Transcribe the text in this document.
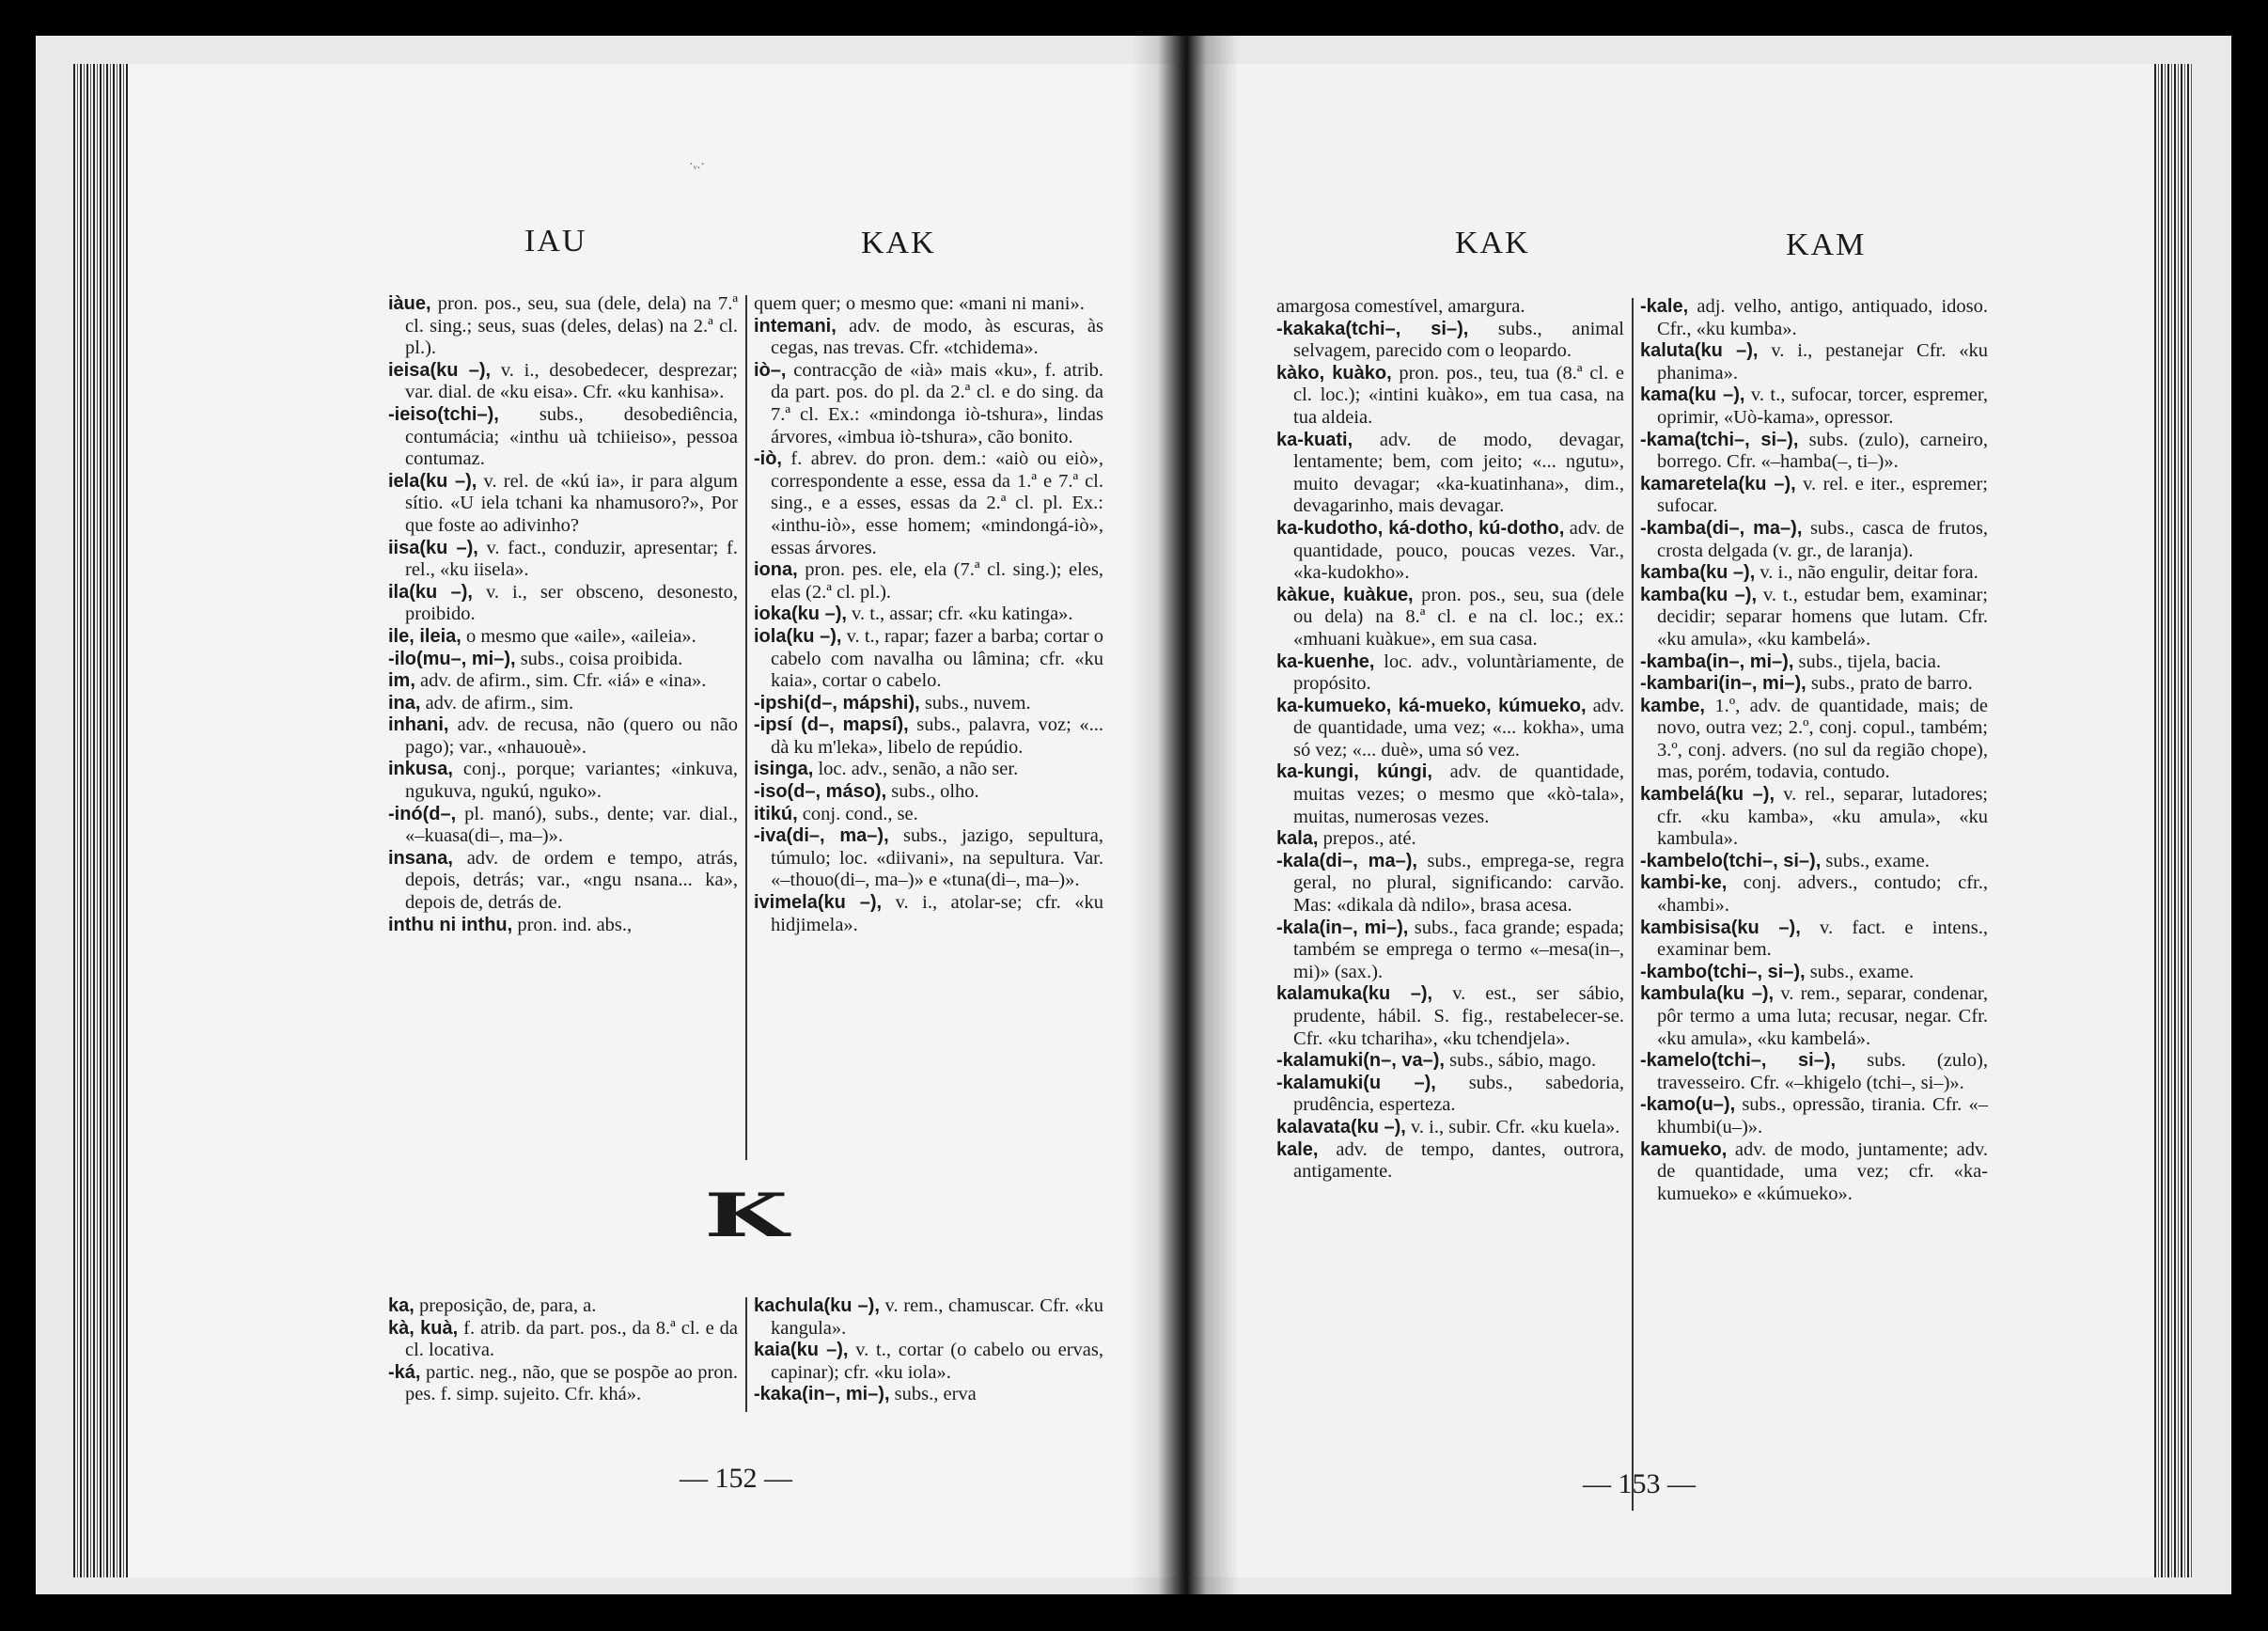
·ᵥ.·
IAU	KAK
iàue, pron. pos., seu, sua (dele, dela) na 7.ª cl. sing.; seus, suas (deles, delas) na 2.ª cl. pl.).
ieisa(ku –), v. i., desobedecer, desprezar; var. dial. de «ku eisa». Cfr. «ku kanhisa».
-ieiso(tchi–), subs., desobediência, contumácia; «inthu uà tchiieiso», pessoa contumaz.
iela(ku –), v. rel. de «kú ia», ir para algum sítio. «U iela tchani ka nhamusoro?», Por que foste ao adivinho?
iisa(ku –), v. fact., conduzir, apresentar; f. rel., «ku iisela».
ila(ku –), v. i., ser obsceno, desonesto, proibido.
ile, ileia, o mesmo que «aile», «aileia».
-ilo(mu–, mi–), subs., coisa proibida.
im, adv. de afirm., sim. Cfr. «iá» e «ina».
ina, adv. de afirm., sim.
inhani, adv. de recusa, não (quero ou não pago); var., «nhauouè».
inkusa, conj., porque; variantes; «inkuva, ngukuva, ngukú, nguko».
-inó(d–, pl. manó), subs., dente; var. dial., «–kuasa(di–, ma–)».
insana, adv. de ordem e tempo, atrás, depois, detrás; var., «ngu nsana... ka», depois de, detrás de.
inthu ni inthu, pron. ind. abs.,
quem quer; o mesmo que: «mani ni mani».
intemani, adv. de modo, às escuras, às cegas, nas trevas. Cfr. «tchidema».
iò–, contracção de «ià» mais «ku», f. atrib. da part. pos. do pl. da 2.ª cl. e do sing. da 7.ª cl. Ex.: «mindonga iò-tshura», lindas árvores, «imbua iò-tshura», cão bonito.
-iò, f. abrev. do pron. dem.: «aiò ou eiò», correspondente a esse, essa da 1.ª e 7.ª cl. sing., e a esses, essas da 2.ª cl. pl. Ex.: «inthu-iò», esse homem; «mindongá-iò», essas árvores.
iona, pron. pes. ele, ela (7.ª cl. sing.); eles, elas (2.ª cl. pl.).
ioka(ku –), v. t., assar; cfr. «ku katinga».
iola(ku –), v. t., rapar; fazer a barba; cortar o cabelo com navalha ou lâmina; cfr. «ku kaia», cortar o cabelo.
-ipshi(d–, mápshi), subs., nuvem.
-ipsí (d–, mapsí), subs., palavra, voz; «... dà ku m'leka», libelo de repúdio.
isinga, loc. adv., senão, a não ser.
-iso(d–, máso), subs., olho.
itikú, conj. cond., se.
-iva(di–, ma–), subs., jazigo, sepultura, túmulo; loc. «diivani», na sepultura. Var. «–thouo(di–, ma–)» e «tuna(di–, ma–)».
ivimela(ku –), v. i., atolar-se; cfr. «ku hidjimela».
K
ka, preposição, de, para, a.
kà, kuà, f. atrib. da part. pos., da 8.ª cl. e da cl. locativa.
-ká, partic. neg., não, que se pospõe ao pron. pes. f. simp. sujeito. Cfr. khá».
kachula(ku –), v. rem., chamuscar. Cfr. «ku kangula».
kaia(ku –), v. t., cortar (o cabelo ou ervas, capinar); cfr. «ku iola».
-kaka(in–, mi–), subs., erva
— 152 —
KAK	KAM
amargosa comestível, amargura.
-kakaka(tchi–, si–), subs., animal selvagem, parecido com o leopardo.
kàko, kuàko, pron. pos., teu, tua (8.ª cl. e cl. loc.); «intini kuàko», em tua casa, na tua aldeia.
ka-kuati, adv. de modo, devagar, lentamente; bem, com jeito; «... ngutu», muito devagar; «ka-kuatinhana», dim., devagarinho, mais devagar.
ka-kudotho, ká-dotho, kú-dotho, adv. de quantidade, pouco, poucas vezes. Var., «ka-kudokho».
kàkue, kuàkue, pron. pos., seu, sua (dele ou dela) na 8.ª cl. e na cl. loc.; ex.: «mhuani kuàkue», em sua casa.
ka-kuenhe, loc. adv., voluntàriamente, de propósito.
ka-kumueko, ká-mueko, kúmueko, adv. de quantidade, uma vez; «... kokha», uma só vez; «... duè», uma só vez.
ka-kungi, kúngi, adv. de quantidade, muitas vezes; o mesmo que «kò-tala», muitas, numerosas vezes.
kala, prepos., até.
-kala(di–, ma–), subs., emprega-se, regra geral, no plural, significando: carvão. Mas: «dikala dà ndilo», brasa acesa.
-kala(in–, mi–), subs., faca grande; espada; também se emprega o termo «–mesa(in–, mi)» (sax.).
kalamuka(ku –), v. est., ser sábio, prudente, hábil. S. fig., restabelecer-se. Cfr. «ku tchariha», «ku tchendjela».
-kalamuki(n–, va–), subs., sábio, mago.
-kalamuki(u –), subs., sabedoria, prudência, esperteza.
kalavata(ku –), v. i., subir. Cfr. «ku kuela».
kale, adv. de tempo, dantes, outrora, antigamente.
-kale, adj. velho, antigo, antiquado, idoso. Cfr., «ku kumba».
kaluta(ku –), v. i., pestanejar Cfr. «ku phanima».
kama(ku –), v. t., sufocar, torcer, espremer, oprimir, «Uò-kama», opressor.
-kama(tchi–, si–), subs. (zulo), carneiro, borrego. Cfr. «–hamba(–, ti–)».
kamaretela(ku –), v. rel. e iter., espremer; sufocar.
-kamba(di–, ma–), subs., casca de frutos, crosta delgada (v. gr., de laranja).
kamba(ku –), v. i., não engulir, deitar fora.
kamba(ku –), v. t., estudar bem, examinar; decidir; separar homens que lutam. Cfr. «ku amula», «ku kambelá».
-kamba(in–, mi–), subs., tijela, bacia.
-kambari(in–, mi–), subs., prato de barro.
kambe, 1.º, adv. de quantidade, mais; de novo, outra vez; 2.º, conj. copul., também; 3.º, conj. advers. (no sul da região chope), mas, porém, todavia, contudo.
kambelá(ku –), v. rel., separar, lutadores; cfr. «ku kamba», «ku amula», «ku kambula».
-kambelo(tchi–, si–), subs., exame.
kambi-ke, conj. advers., contudo; cfr., «hambi».
kambisisa(ku –), v. fact. e intens., examinar bem.
-kambo(tchi–, si–), subs., exame.
kambula(ku –), v. rem., separar, condenar, pôr termo a uma luta; recusar, negar. Cfr. «ku amula», «ku kambelá».
-kamelo(tchi–, si–), subs. (zulo), travesseiro. Cfr. «–khigelo (tchi–, si–)».
-kamo(u–), subs., opressão, tirania. Cfr. «–khumbi(u–)».
kamueko, adv. de modo, juntamente; adv. de quantidade, uma vez; cfr. «ka-kumueko» e «kúmueko».
— 153 —
